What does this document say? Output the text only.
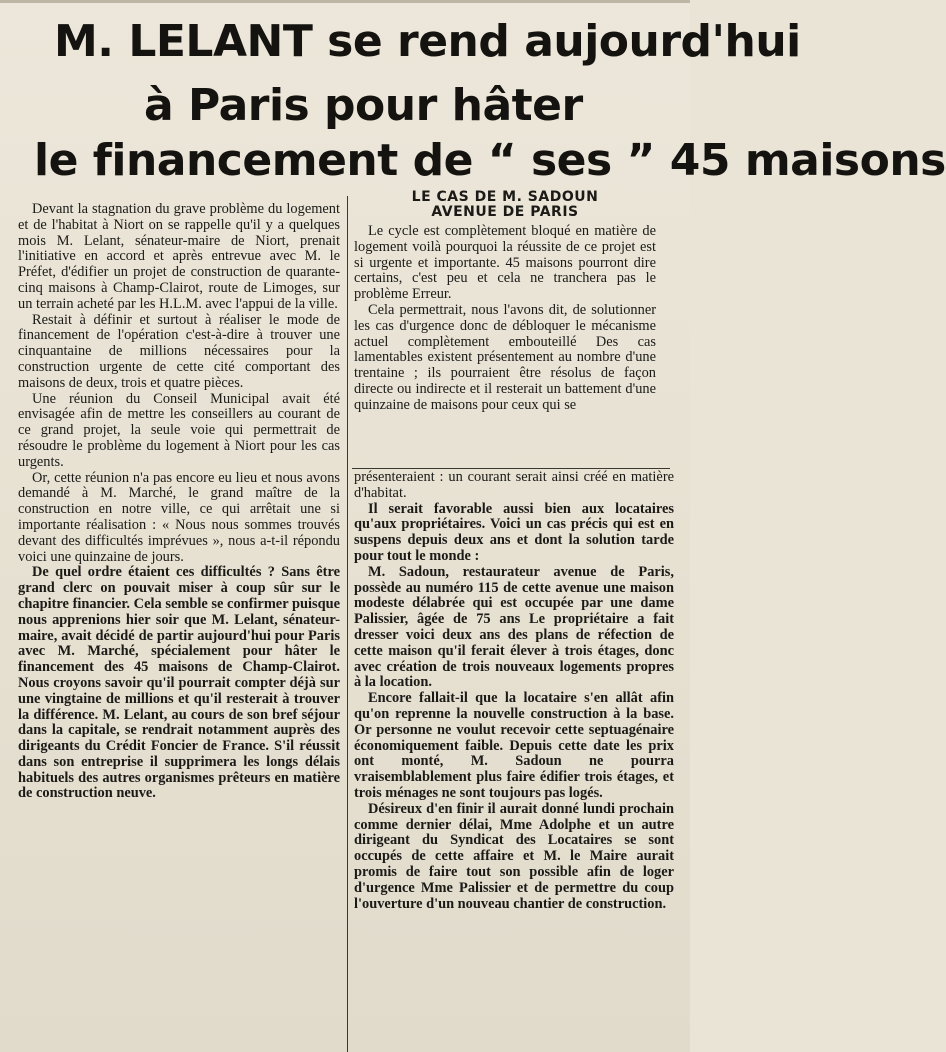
M. LELANT se rend aujourd'hui
à Paris pour hâter
le financement de “ ses ” 45 maisons

Devant la stagnation du grave problème du logement et de l'habitat à Niort on se rappelle qu'il y a quelques mois M. Lelant, sénateur-maire de Niort, prenait l'initiative en accord et après entrevue avec M. le Préfet, d'édifier un projet de construction de quarante-cinq maisons à Champ-Clairot, route de Limoges, sur un terrain acheté par les H.L.M. avec l'appui de la ville.

Restait à définir et surtout à réaliser le mode de financement de l'opération c'est-à-dire à trouver une cinquantaine de millions nécessaires pour la construction urgente de cette cité comportant des maisons de deux, trois et quatre pièces.

Une réunion du Conseil Municipal avait été envisagée afin de mettre les conseillers au courant de ce grand projet, la seule voie qui permettrait de résoudre le problème du logement à Niort pour les cas urgents.

Or, cette réunion n'a pas encore eu lieu et nous avons demandé à M. Marché, le grand maître de la construction en notre ville, ce qui arrêtait une si importante réalisation : « Nous nous sommes trouvés devant des difficultés imprévues », nous a-t-il répondu voici une quinzaine de jours.

De quel ordre étaient ces difficultés ? Sans être grand clerc on pouvait miser à coup sûr sur le chapitre financier. Cela semble se confirmer puisque nous apprenions hier soir que M. Lelant, sénateur-maire, avait décidé de partir aujourd'hui pour Paris avec M. Marché, spécialement pour hâter le financement des 45 maisons de Champ-Clairot. Nous croyons savoir qu'il pourrait compter déjà sur une vingtaine de millions et qu'il resterait à trouver la différence. M. Lelant, au cours de son bref séjour dans la capitale, se rendrait notamment auprès des dirigeants du Crédit Foncier de France. S'il réussit dans son entreprise il supprimera les longs délais habituels des autres organismes prêteurs en matière de construction neuve.

LE CAS DE M. SADOUN
AVENUE DE PARIS

Le cycle est complètement bloqué en matière de logement voilà pourquoi la réussite de ce projet est si urgente et importante. 45 maisons pourront dire certains, c'est peu et cela ne tranchera pas le problème Erreur.

Cela permettrait, nous l'avons dit, de solutionner les cas d'urgence donc de débloquer le mécanisme actuel complètement embouteillé Des cas lamentables existent présentement au nombre d'une trentaine ; ils pourraient être résolus de façon directe ou indirecte et il resterait un battement d'une quinzaine de maisons pour ceux qui se

présenteraient : un courant serait ainsi créé en matière d'habitat.

Il serait favorable aussi bien aux locataires qu'aux propriétaires. Voici un cas précis qui est en suspens depuis deux ans et dont la solution tarde pour tout le monde :

M. Sadoun, restaurateur avenue de Paris, possède au numéro 115 de cette avenue une maison modeste délabrée qui est occupée par une dame Palissier, âgée de 75 ans Le propriétaire a fait dresser voici deux ans des plans de réfection de cette maison qu'il ferait élever à trois étages, donc avec création de trois nouveaux logements propres à la location.

Encore fallait-il que la locataire s'en allât afin qu'on reprenne la nouvelle construction à la base. Or personne ne voulut recevoir cette septuagénaire économiquement faible. Depuis cette date les prix ont monté, M. Sadoun ne pourra vraisemblablement plus faire édifier trois étages, et trois ménages ne sont toujours pas logés.

Désireux d'en finir il aurait donné lundi prochain comme dernier délai, Mme Adolphe et un autre dirigeant du Syndicat des Locataires se sont occupés de cette affaire et M. le Maire aurait promis de faire tout son possible afin de loger d'urgence Mme Palissier et de permettre du coup l'ouverture d'un nouveau chantier de construction.
